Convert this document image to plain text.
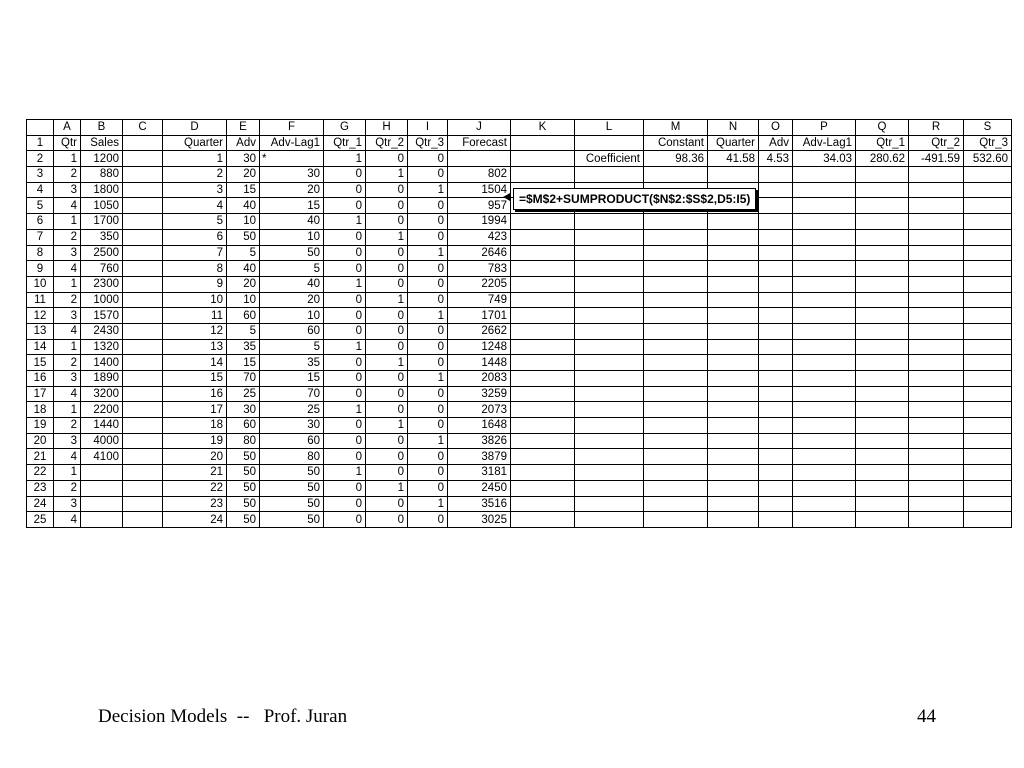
	A	B	C	D	E	F	G	H	I	J	K	L	M	N	O	P	Q	R	S
1	Qtr	Sales		Quarter	Adv	Adv-Lag1	Qtr_1	Qtr_2	Qtr_3	Forecast			Constant	Quarter	Adv	Adv-Lag1	Qtr_1	Qtr_2	Qtr_3
2	1	1200		1	30	*	1	0	0			Coefficient	98.36	41.58	4.53	34.03	280.62	-491.59	532.60
3	2	880		2	20	30	0	1	0	802									
4	3	1800		3	15	20	0	0	1	1504									
5	4	1050		4	40	15	0	0	0	957									
6	1	1700		5	10	40	1	0	0	1994									
7	2	350		6	50	10	0	1	0	423									
8	3	2500		7	5	50	0	0	1	2646									
9	4	760		8	40	5	0	0	0	783									
10	1	2300		9	20	40	1	0	0	2205									
11	2	1000		10	10	20	0	1	0	749									
12	3	1570		11	60	10	0	0	1	1701									
13	4	2430		12	5	60	0	0	0	2662									
14	1	1320		13	35	5	1	0	0	1248									
15	2	1400		14	15	35	0	1	0	1448									
16	3	1890		15	70	15	0	0	1	2083									
17	4	3200		16	25	70	0	0	0	3259									
18	1	2200		17	30	25	1	0	0	2073									
19	2	1440		18	60	30	0	1	0	1648									
20	3	4000		19	80	60	0	0	1	3826									
21	4	4100		20	50	80	0	0	0	3879									
22	1			21	50	50	1	0	0	3181									
23	2			22	50	50	0	1	0	2450									
24	3			23	50	50	0	0	1	3516									
25	4			24	50	50	0	0	0	3025									
=$M$2+SUMPRODUCT($N$2:$S$2,D5:I5)
Decision Models  --   Prof. Juran	44
